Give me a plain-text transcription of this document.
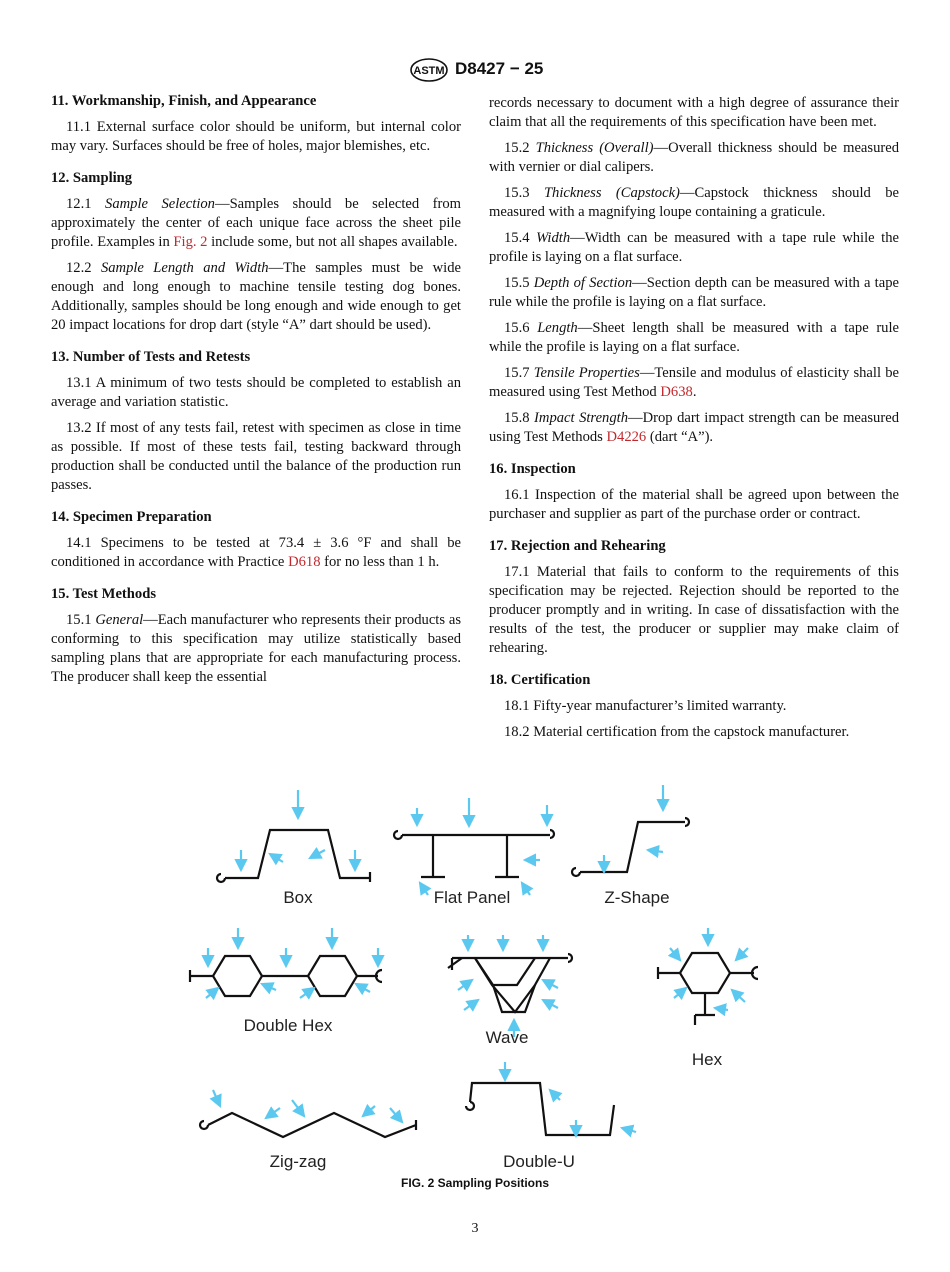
ASTM D8427 − 25
11. Workmanship, Finish, and Appearance

11.1 External surface color should be uniform, but internal color may vary. Surfaces should be free of holes, major blemishes, etc.

12. Sampling

12.1 Sample Selection—Samples should be selected from approximately the center of each unique face across the sheet pile profile. Examples in Fig. 2 include some, but not all shapes available.

12.2 Sample Length and Width—The samples must be wide enough and long enough to machine tensile testing dog bones. Additionally, samples should be long enough and wide enough to get 20 impact locations for drop dart (style “A” dart should be used).

13. Number of Tests and Retests

13.1 A minimum of two tests should be completed to establish an average and variation statistic.

13.2 If most of any tests fail, retest with specimen as close in time as possible. If most of these tests fail, testing backward through production shall be conducted until the balance of the production run passes.

14. Specimen Preparation

14.1 Specimens to be tested at 73.4 ± 3.6 °F and shall be conditioned in accordance with Practice D618 for no less than 1 h.

15. Test Methods

15.1 General—Each manufacturer who represents their products as conforming to this specification may utilize statistically based sampling plans that are appropriate for each manufacturing process. The producer shall keep the essential

records necessary to document with a high degree of assurance their claim that all the requirements of this specification have been met.

15.2 Thickness (Overall)—Overall thickness should be measured with vernier or dial calipers.

15.3 Thickness (Capstock)—Capstock thickness should be measured with a magnifying loupe containing a graticule.

15.4 Width—Width can be measured with a tape rule while the profile is laying on a flat surface.

15.5 Depth of Section—Section depth can be measured with a tape rule while the profile is laying on a flat surface.

15.6 Length—Sheet length shall be measured with a tape rule while the profile is laying on a flat surface.

15.7 Tensile Properties—Tensile and modulus of elasticity shall be measured using Test Method D638.

15.8 Impact Strength—Drop dart impact strength can be measured using Test Methods D4226 (dart “A”).

16. Inspection

16.1 Inspection of the material shall be agreed upon between the purchaser and supplier as part of the purchase order or contract.

17. Rejection and Rehearing

17.1 Material that fails to conform to the requirements of this specification may be rejected. Rejection should be reported to the producer promptly and in writing. In case of dissatisfaction with the results of the test, the producer or supplier may make claim of rehearing.

18. Certification

18.1 Fifty-year manufacturer’s limited warranty.

18.2 Material certification from the capstock manufacturer.

Box	Flat Panel	Z-Shape
Double Hex
Wave
Hex
Zig-zag	Double-U
FIG. 2 Sampling Positions
3
